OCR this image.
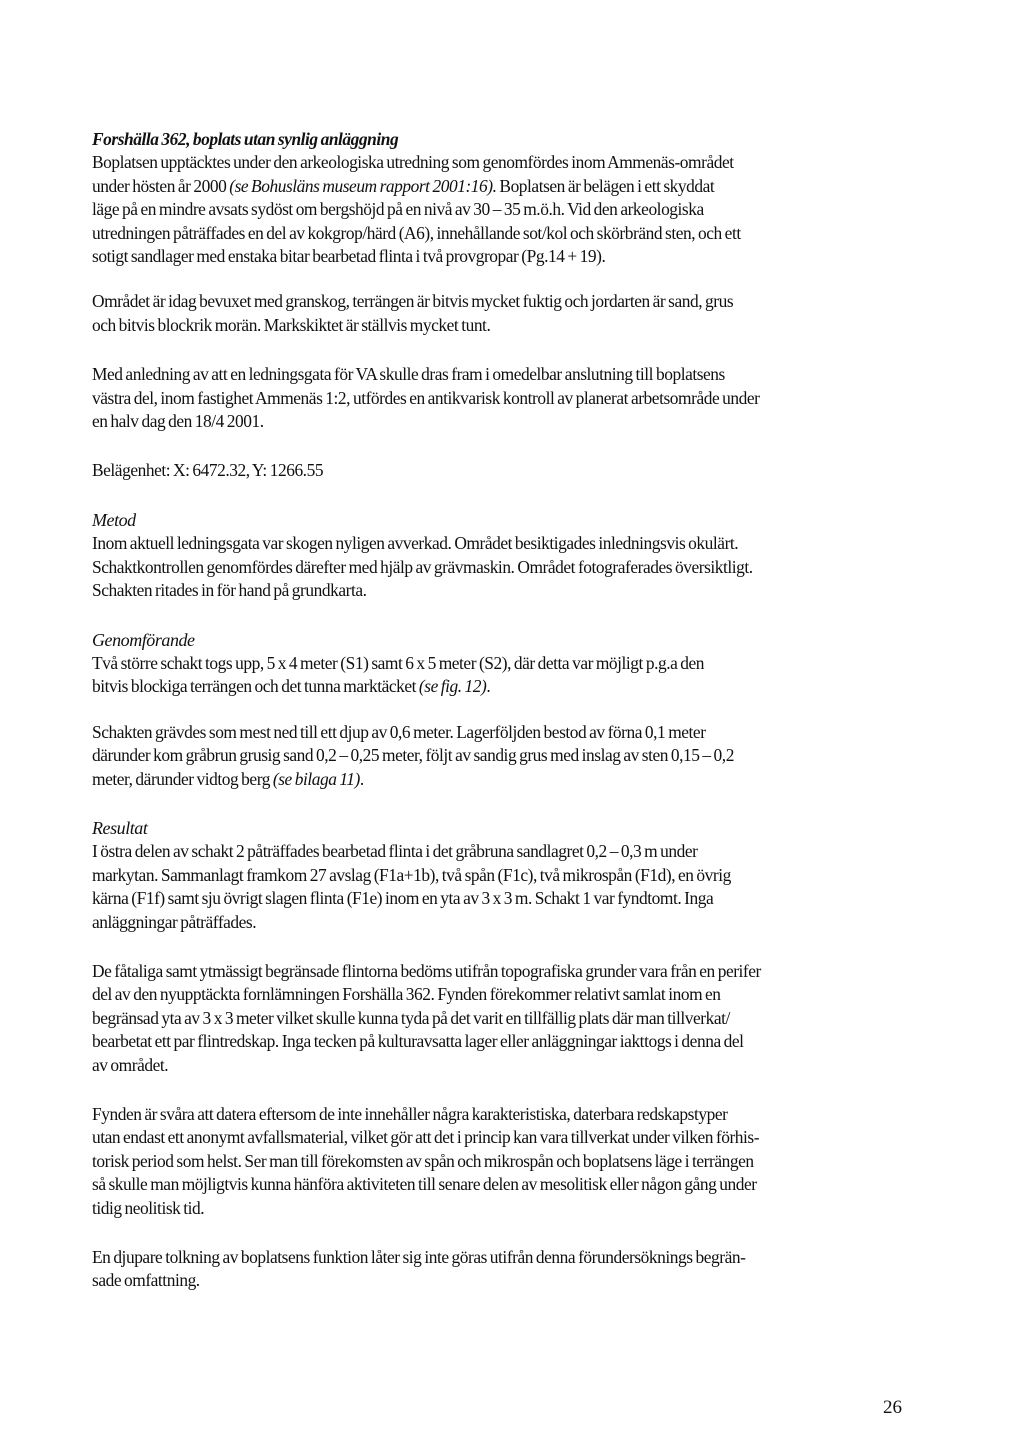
Forshälla 362, boplats utan synlig anläggning

Boplatsen upptäcktes under den arkeologiska utredning som genomfördes inom Ammenäs-området
under hösten år 2000 (se Bohusläns museum rapport 2001:16). Boplatsen är belägen i ett skyddat
läge på en mindre avsats sydöst om bergshöjd på en nivå av 30 – 35 m.ö.h. Vid den arkeologiska
utredningen påträffades en del av kokgrop/härd (A6), innehållande sot/kol och skörbränd sten, och ett
sotigt sandlager med enstaka bitar bearbetad flinta i två provgropar (Pg.14 + 19).

Området är idag bevuxet med granskog, terrängen är bitvis mycket fuktig och jordarten är sand, grus
och bitvis blockrik morän. Markskiktet är ställvis mycket tunt.

Med anledning av att en ledningsgata för VA skulle dras fram i omedelbar anslutning till boplatsens
västra del, inom fastighet Ammenäs 1:2, utfördes en antikvarisk kontroll av planerat arbetsområde under
en halv dag den 18/4 2001.

Belägenhet: X: 6472.32, Y: 1266.55

Metod

Inom aktuell ledningsgata var skogen nyligen avverkad. Området besiktigades inledningsvis okulärt.
Schaktkontrollen genomfördes därefter med hjälp av grävmaskin. Området fotograferades översiktligt.
Schakten ritades in för hand på grundkarta.

Genomförande

Två större schakt togs upp, 5 x 4 meter (S1) samt 6 x 5 meter (S2), där detta var möjligt p.g.a den
bitvis blockiga terrängen och det tunna marktäcket (se fig. 12).

Schakten grävdes som mest ned till ett djup av 0,6 meter. Lagerföljden bestod av förna 0,1 meter
därunder kom gråbrun grusig sand 0,2 – 0,25 meter, följt av sandig grus med inslag av sten 0,15 – 0,2
meter, därunder vidtog berg (se bilaga 11).

Resultat

I östra delen av schakt 2 påträffades bearbetad flinta i det gråbruna sandlagret 0,2 – 0,3 m under
markytan. Sammanlagt framkom 27 avslag (F1a+1b), två spån (F1c), två mikrospån (F1d), en övrig
kärna (F1f) samt sju övrigt slagen flinta (F1e) inom en yta av 3 x 3 m. Schakt 1 var fyndtomt. Inga
anläggningar påträffades.

De fåtaliga samt ytmässigt begränsade flintorna bedöms utifrån topografiska grunder vara från en perifer
del av den nyupptäckta fornlämningen Forshälla 362. Fynden förekommer relativt samlat inom en
begränsad yta av 3 x 3 meter vilket skulle kunna tyda på det varit en tillfällig plats där man tillverkat/
bearbetat ett par flintredskap. Inga tecken på kulturavsatta lager eller anläggningar iakttogs i denna del
av området.

Fynden är svåra att datera eftersom de inte innehåller några karakteristiska, daterbara redskapstyper
utan endast ett anonymt avfallsmaterial, vilket gör att det i princip kan vara tillverkat under vilken förhis-
torisk period som helst. Ser man till förekomsten av spån och mikrospån och boplatsens läge i terrängen
så skulle man möjligtvis kunna hänföra aktiviteten till senare delen av mesolitisk eller någon gång under
tidig neolitisk tid.

En djupare tolkning av boplatsens funktion låter sig inte göras utifrån denna förundersöknings begrän-
sade omfattning.

26
